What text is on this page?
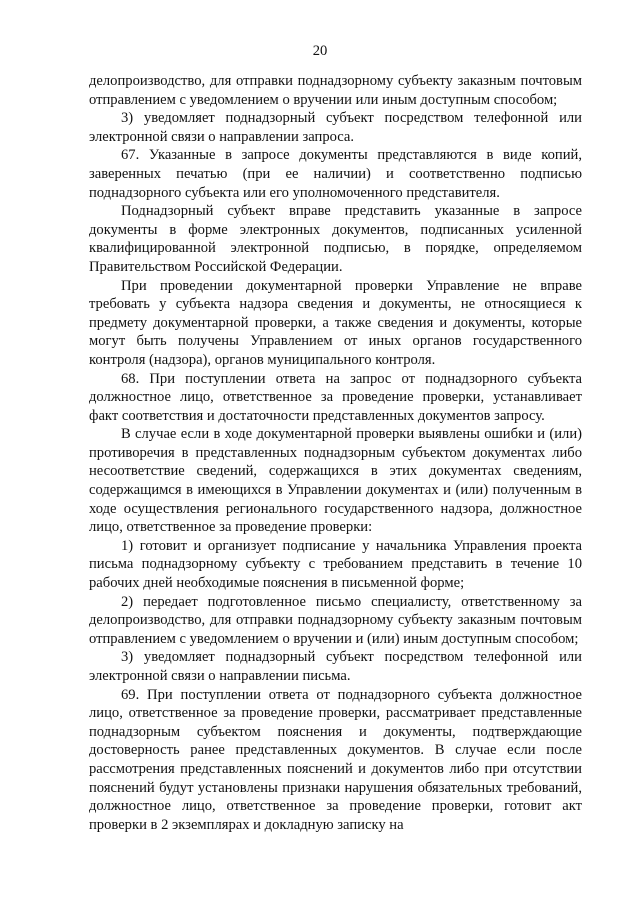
20

делопроизводство, для отправки поднадзорному субъекту заказным почтовым отправлением с уведомлением о вручении или иным доступным способом;

3) уведомляет поднадзорный субъект посредством телефонной или электронной связи о направлении запроса.

67. Указанные в запросе документы представляются в виде копий, заверенных печатью (при ее наличии) и соответственно подписью поднадзорного субъекта или его уполномоченного представителя.

Поднадзорный субъект вправе представить указанные в запросе документы в форме электронных документов, подписанных усиленной квалифицированной электронной подписью, в порядке, определяемом Правительством Российской Федерации.

При проведении документарной проверки Управление не вправе требовать у субъекта надзора сведения и документы, не относящиеся к предмету документарной проверки, а также сведения и документы, которые могут быть получены Управлением от иных органов государственного контроля (надзора), органов муниципального контроля.

68. При поступлении ответа на запрос от поднадзорного субъекта должностное лицо, ответственное за проведение проверки, устанавливает факт соответствия и достаточности представленных документов запросу.

В случае если в ходе документарной проверки выявлены ошибки и (или) противоречия в представленных поднадзорным субъектом документах либо несоответствие сведений, содержащихся в этих документах сведениям, содержащимся в имеющихся в Управлении документах и (или) полученным в ходе осуществления регионального государственного надзора, должностное лицо, ответственное за проведение проверки:

1) готовит и организует подписание у начальника Управления проекта письма поднадзорному субъекту с требованием представить в течение 10 рабочих дней необходимые пояснения в письменной форме;

2) передает подготовленное письмо специалисту, ответственному за делопроизводство, для отправки поднадзорному субъекту заказным почтовым отправлением с уведомлением о вручении и (или) иным доступным способом;

3) уведомляет поднадзорный субъект посредством телефонной или электронной связи о направлении письма.

69. При поступлении ответа от поднадзорного субъекта должностное лицо, ответственное за проведение проверки, рассматривает представленные поднадзорным субъектом пояснения и документы, подтверждающие достоверность ранее представленных документов. В случае если после рассмотрения представленных пояснений и документов либо при отсутствии пояснений будут установлены признаки нарушения обязательных требований, должностное лицо, ответственное за проведение проверки, готовит акт проверки в 2 экземплярах и докладную записку на
